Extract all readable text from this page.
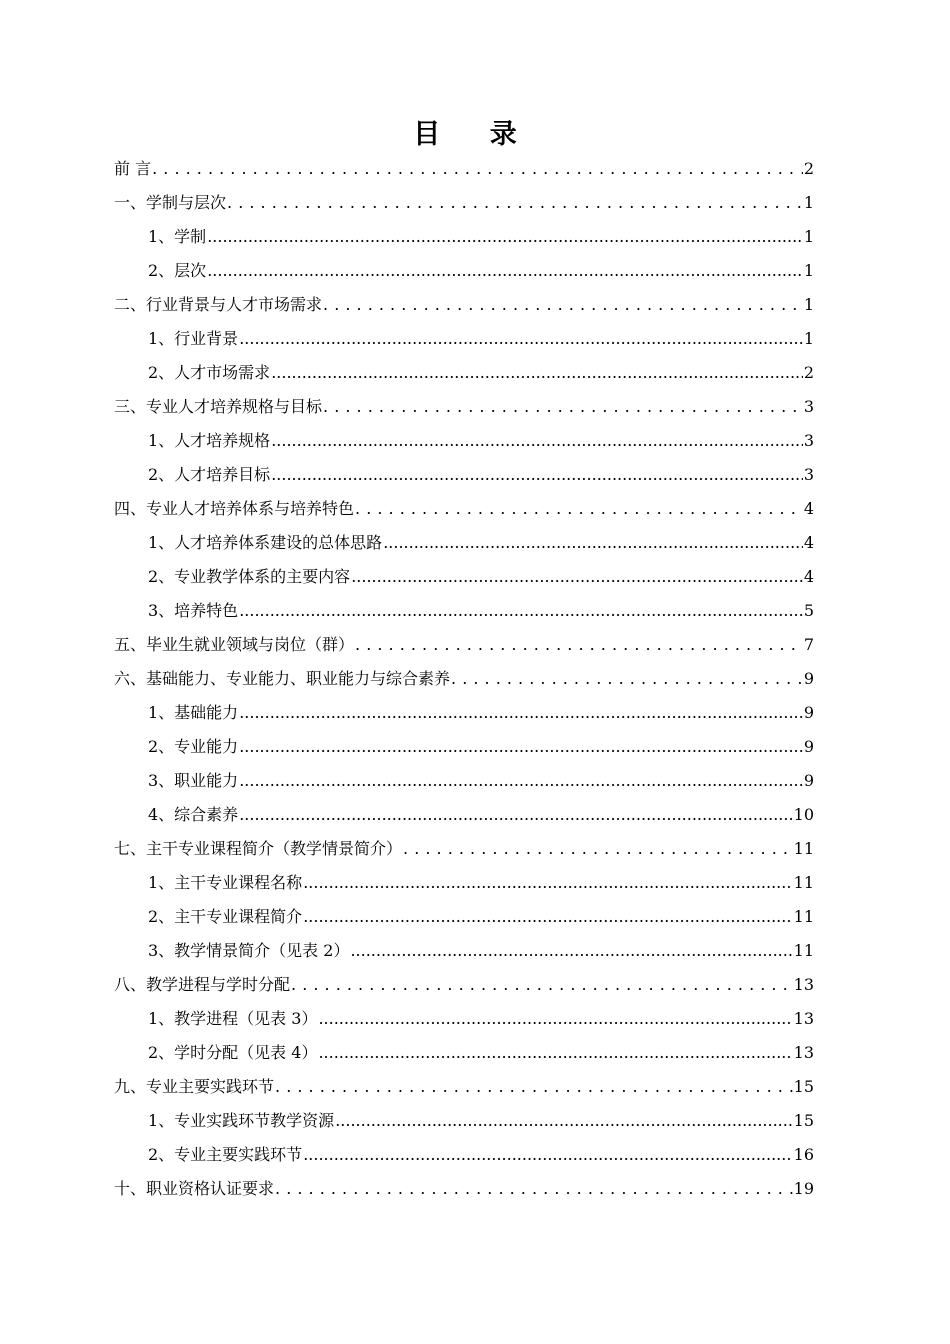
目 录
前 言 . . .	2
一、学制与层次 . . .	1
1、学制 .....	1
2、层次 .....	1
二、行业背景与人才市场需求 . . .	1
1、行业背景 .....	1
2、人才市场需求 .....	2
三、专业人才培养规格与目标 . . .	3
1、人才培养规格 .....	3
2、人才培养目标 .....	3
四、专业人才培养体系与培养特色 . . .	4
1、人才培养体系建设的总体思路 .....	4
2、专业教学体系的主要内容 .....	4
3、培养特色 .....	5
五、毕业生就业领域与岗位（群） . . .	7
六、基础能力、专业能力、职业能力与综合素养 . . .	9
1、基础能力 .....	9
2、专业能力 .....	9
3、职业能力 .....	9
4、综合素养 .....	10
七、主干专业课程简介（教学情景简介） . . .	11
1、主干专业课程名称 .....	11
2、主干专业课程简介 .....	11
3、教学情景简介（见表 2） .....	11
八、教学进程与学时分配 . . .	13
1、教学进程（见表 3） .....	13
2、学时分配（见表 4） .....	13
九、专业主要实践环节 . . .	15
1、专业实践环节教学资源 .....	15
2、专业主要实践环节 .....	16
十、职业资格认证要求 . . .	19
